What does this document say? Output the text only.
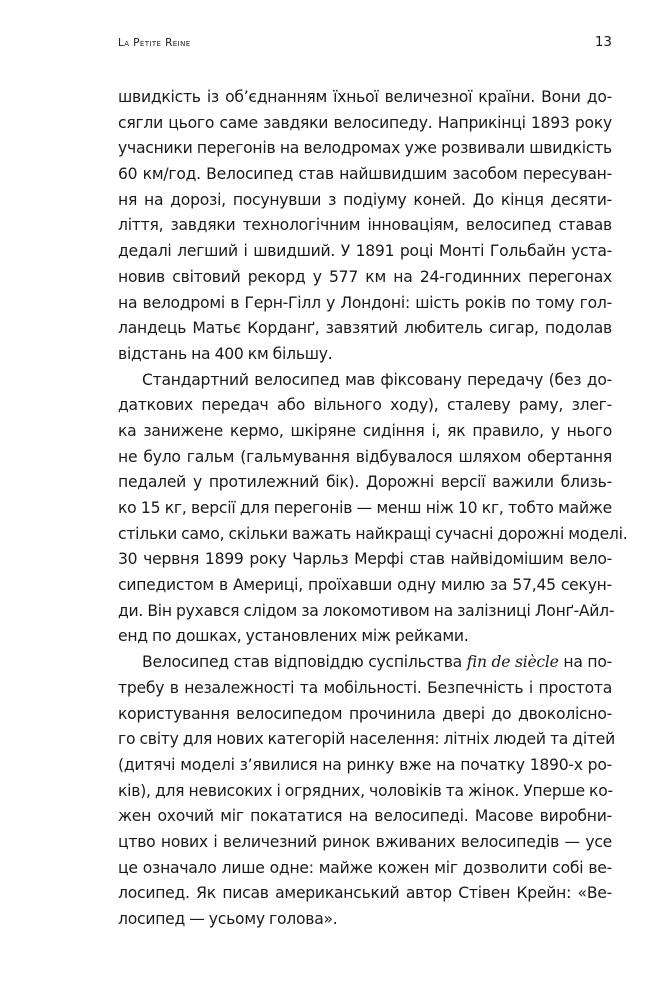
La Petite Reine	13
швидкість із об’єднанням їхньої величезної країни. Вони до-
сягли цього саме завдяки велосипеду. Наприкінці 1893 року
учасники перегонів на велодромах уже розвивали швидкість
60 км/год. Велосипед став найшвидшим засобом пересуван-
ня на дорозі, посунувши з подіуму коней. До кінця десяти-
ліття, завдяки технологічним інноваціям, велосипед ставав
дедалі легший і швидший. У 1891 році Монті Гольбайн уста-
новив світовий рекорд у 577 км на 24-годинних перегонах
на велодромі в Герн-Гілл у Лондоні: шість років по тому гол-
ландець Матьє Корданґ, завзятий любитель сигар, подолав
відстань на 400 км більшу.
Стандартний велосипед мав фіксовану передачу (без до-
даткових передач або вільного ходу), сталеву раму, злег-
ка занижене кермо, шкіряне сидіння і, як правило, у нього
не було гальм (гальмування відбувалося шляхом обертання
педалей у протилежний бік). Дорожні версії важили близь-
ко 15 кг, версії для перегонів — менш ніж 10 кг, тобто майже
стільки само, скільки важать найкращі сучасні дорожні моделі.
30 червня 1899 року Чарльз Мерфі став найвідомішим вело-
сипедистом в Америці, проїхавши одну милю за 57,45 секун-
ди. Він рухався слідом за локомотивом на залізниці Лонґ-Айл-
енд по дошках, установлених між рейками.
Велосипед став відповіддю суспільства fin de siècle на по-
требу в незалежності та мобільності. Безпечність і простота
користування велосипедом прочинила двері до двоколісно-
го світу для нових категорій населення: літніх людей та дітей
(дитячі моделі з’явилися на ринку вже на початку 1890-х ро-
ків), для невисоких і огрядних, чоловіків та жінок. Уперше ко-
жен охочий міг покататися на велосипеді. Масове виробни-
цтво нових і величезний ринок вживаних велосипедів — усе
це означало лише одне: майже кожен міг дозволити собі ве-
лосипед. Як писав американський автор Стівен Крейн: «Ве-
лосипед — усьому голова».
